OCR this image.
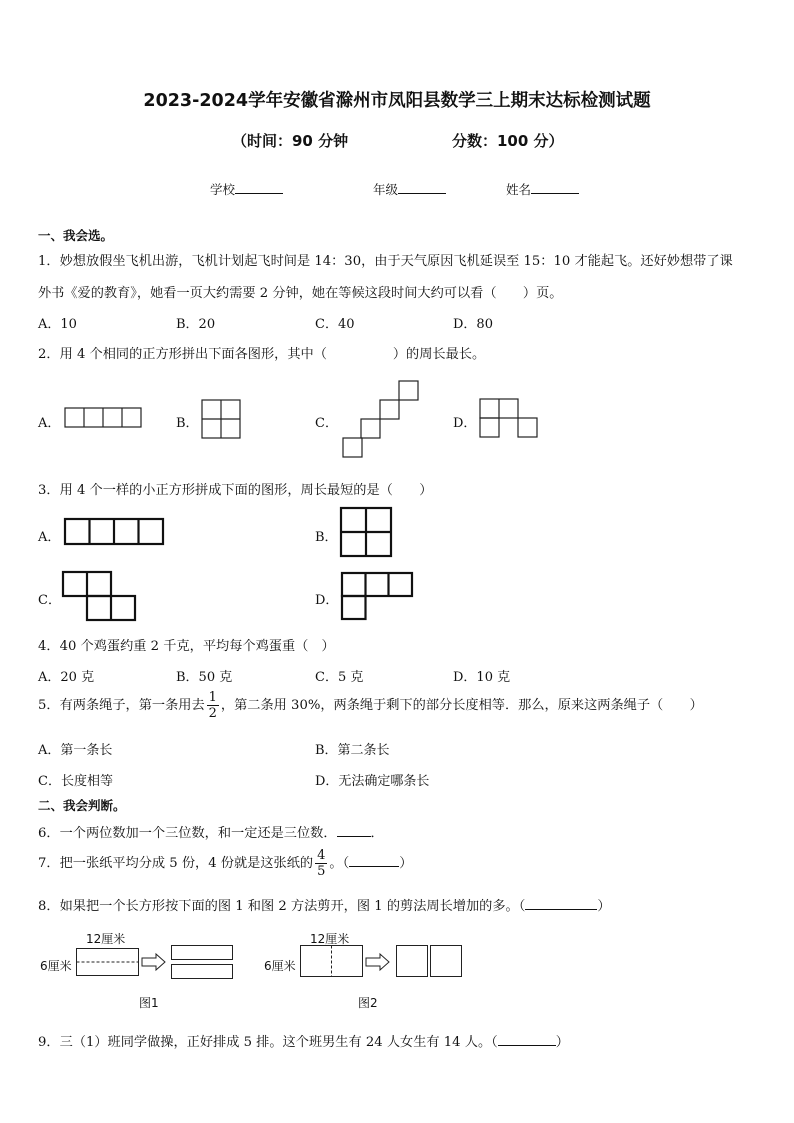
2023-2024学年安徽省滁州市凤阳县数学三上期末达标检测试题
（时间：90 分钟	分数：100 分）
学校	年级	姓名
一、我会选。
1．妙想放假坐飞机出游，飞机计划起飞时间是 14：30，由于天气原因飞机延误至 15：10 才能起飞。还好妙想带了课
外书《爱的教育》，她看一页大约需要 2 分钟，她在等候这段时间大约可以看（　　）页。
A．10	B．20	C．40	D．80
2．用 4 个相同的正方形拼出下面各图形，其中（　　　　　）的周长最长。
A．	B．	C．	D．
3．用 4 个一样的小正方形拼成下面的图形，周长最短的是（　　）
A．	B．
C．	D．
4．40 个鸡蛋约重 2 千克，平均每个鸡蛋重（　）
A．20 克	B．50 克	C．5 克	D．10 克
5．有两条绳子，第一条用去 $\frac{1}{2}$ ，第二条用 30%，两条绳于剩下的部分长度相等．那么，原来这两条绳子（　　）
A．第一条长	B．第二条长
C．长度相等	D．无法确定哪条长
二、我会判断。
6．一个两位数加一个三位数，和一定还是三位数．	．
7．把一张纸平均分成 5 份，4 份就是这张纸的 $\frac{4}{5}$ 。（	）
8．如果把一个长方形按下面的图 1 和图 2 方法剪开，图 1 的剪法周长增加的多。（	）
12厘米
6厘米
图1
12厘米
6厘米
图2
9．三（1）班同学做操，正好排成 5 排。这个班男生有 24 人女生有 14 人。（	）
